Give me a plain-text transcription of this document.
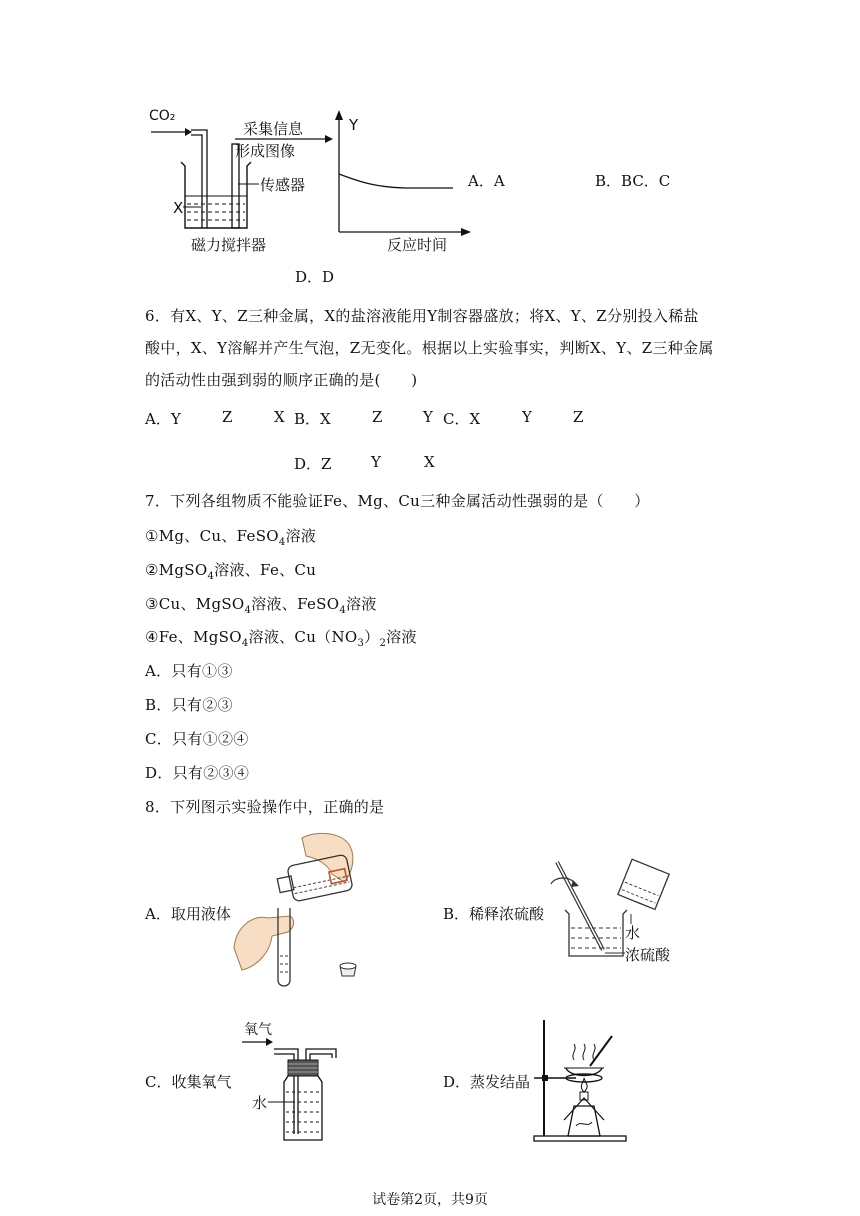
CO₂
X
传感器
采集信息
形成图像
磁力搅拌器
Y
反应时间
A．A	B．BC．C
D．D
6．有X、Y、Z三种金属，X的盐溶液能用Y制容器盛放；将X、Y、Z分别投入稀盐
酸中，X、Y溶解并产生气泡，Z无变化。根据以上实验事实，判断X、Y、Z三种金属
的活动性由强到弱的顺序正确的是(　　)
A．Y	Z	X B．X	Z	Y C．X	Y	Z
D．Z	Y	X
7．下列各组物质不能验证Fe、Mg、Cu三种金属活动性强弱的是（　　）
①Mg、Cu、FeSO$_4$溶液
②MgSO$_4$溶液、Fe、Cu
③Cu、MgSO$_4$溶液、FeSO$_4$溶液
④Fe、MgSO$_4$溶液、$Cu(NO_3)_2$溶液
A．只有①③
B．只有②③
C．只有①②④
D．只有②③④
8．下列图示实验操作中，正确的是
A．取用液体	B．稀释浓硫酸
C．收集氧气	D．蒸发结晶
水
浓硫酸
氧气
水
试卷第2页，共9页
